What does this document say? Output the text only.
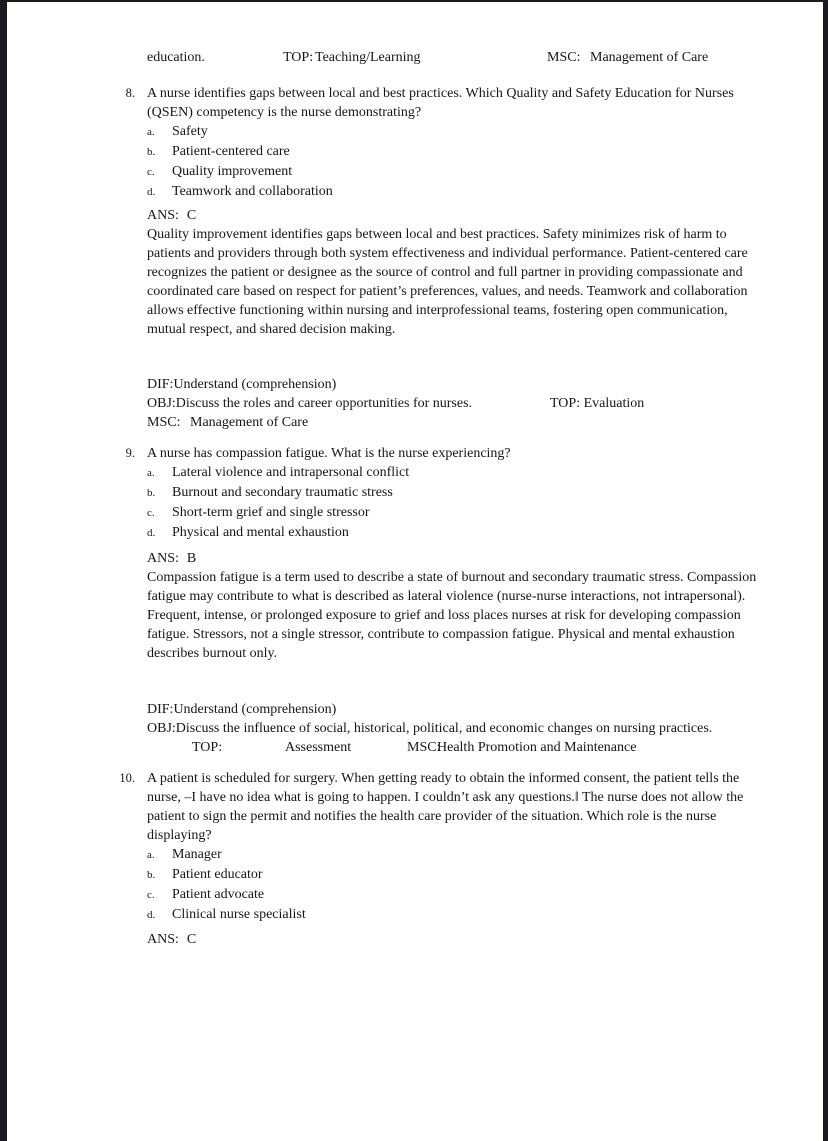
education.	TOP: Teaching/Learning	MSC: Management of Care
8. A nurse identifies gaps between local and best practices. Which Quality and Safety Education for Nurses (QSEN) competency is the nurse demonstrating?
a.	Safety
b.	Patient-centered care
c.	Quality improvement
d.	Teamwork and collaboration
ANS: C
Quality improvement identifies gaps between local and best practices. Safety minimizes risk of harm to patients and providers through both system effectiveness and individual performance. Patient-centered care recognizes the patient or designee as the source of control and full partner in providing compassionate and coordinated care based on respect for patient’s preferences, values, and needs. Teamwork and collaboration allows effective functioning within nursing and interprofessional teams, fostering open communication, mutual respect, and shared decision making.
DIF:Understand (comprehension)
OBJ:Discuss the roles and career opportunities for nurses.	TOP: Evaluation
MSC: Management of Care
9. A nurse has compassion fatigue. What is the nurse experiencing?
a.	Lateral violence and intrapersonal conflict
b.	Burnout and secondary traumatic stress
c.	Short-term grief and single stressor
d.	Physical and mental exhaustion
ANS: B
Compassion fatigue is a term used to describe a state of burnout and secondary traumatic stress. Compassion fatigue may contribute to what is described as lateral violence (nurse-nurse interactions, not intrapersonal). Frequent, intense, or prolonged exposure to grief and loss places nurses at risk for developing compassion fatigue. Stressors, not a single stressor, contribute to compassion fatigue. Physical and mental exhaustion describes burnout only.
DIF:Understand (comprehension)
OBJ:Discuss the influence of social, historical, political, and economic changes on nursing practices.
TOP:	Assessment	MSC:
Health Promotion and Maintenance
10. A patient is scheduled for surgery. When getting ready to obtain the informed consent, the patient tells the nurse, –I have no idea what is going to happen. I couldn’t ask any questions.‖ The nurse does not allow the patient to sign the permit and notifies the health care provider of the situation. Which role is the nurse displaying?
a.	Manager
b.	Patient educator
c.	Patient advocate
d.	Clinical nurse specialist
ANS: C
